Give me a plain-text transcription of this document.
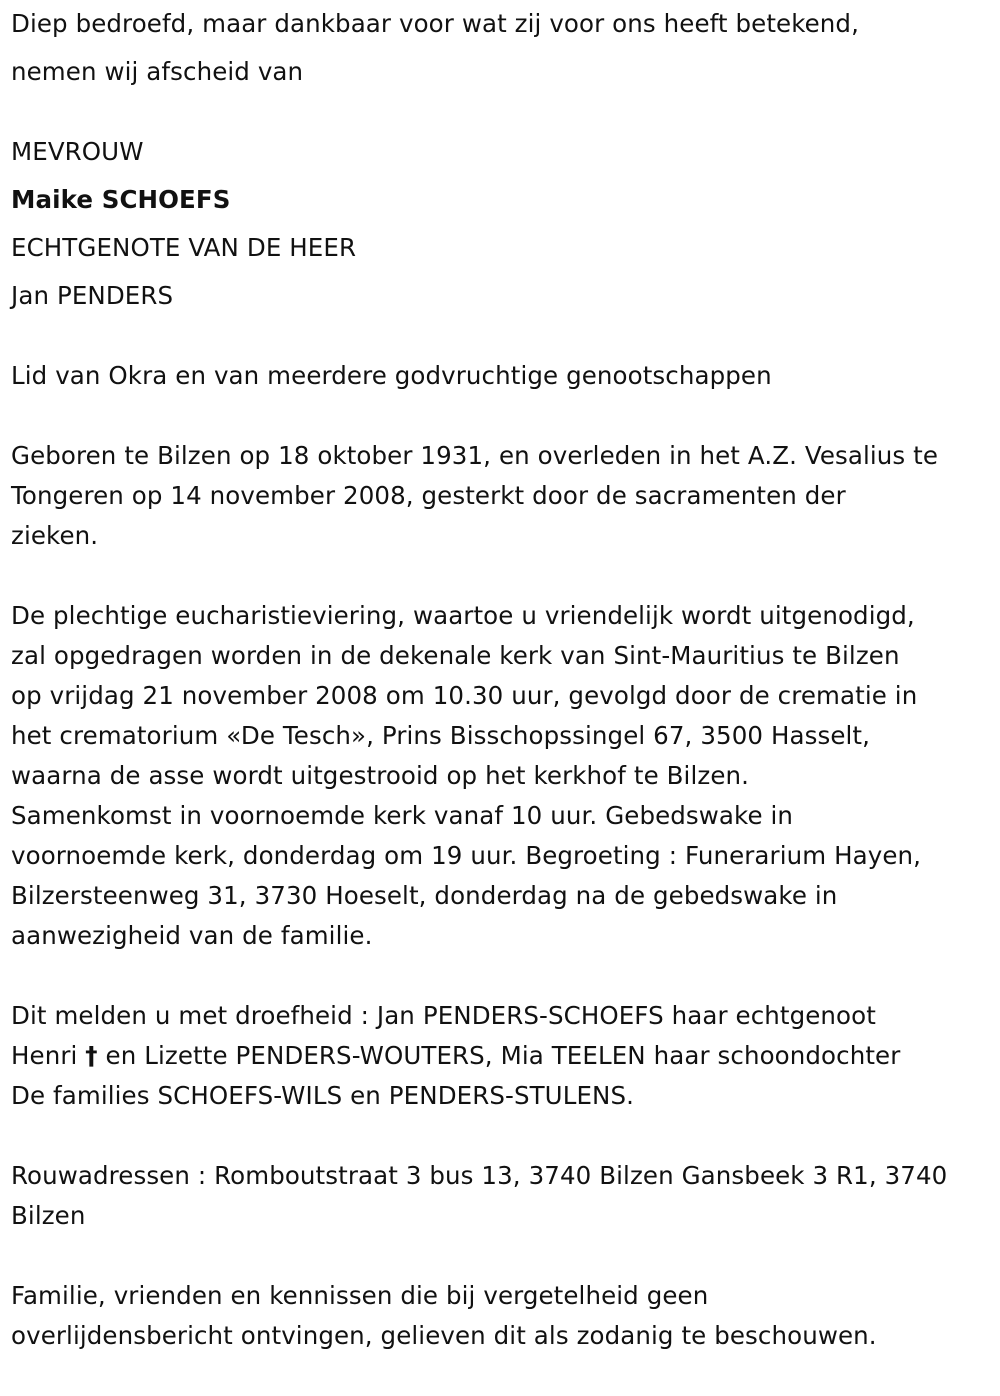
Diep bedroefd, maar dankbaar voor wat zij voor ons heeft betekend,
nemen wij afscheid van
MEVROUW
Maike SCHOEFS
ECHTGENOTE VAN DE HEER
Jan PENDERS
Lid van Okra en van meerdere godvruchtige genootschappen
Geboren te Bilzen op 18 oktober 1931, en overleden in het A.Z. Vesalius te
Tongeren op 14 november 2008, gesterkt door de sacramenten der
zieken.
De plechtige eucharistieviering, waartoe u vriendelijk wordt uitgenodigd,
zal opgedragen worden in de dekenale kerk van Sint-Mauritius te Bilzen
op vrijdag 21 november 2008 om 10.30 uur, gevolgd door de crematie in
het crematorium «De Tesch», Prins Bisschopssingel 67, 3500 Hasselt,
waarna de asse wordt uitgestrooid op het kerkhof te Bilzen.
Samenkomst in voornoemde kerk vanaf 10 uur. Gebedswake in
voornoemde kerk, donderdag om 19 uur. Begroeting : Funerarium Hayen,
Bilzersteenweg 31, 3730 Hoeselt, donderdag na de gebedswake in
aanwezigheid van de familie.
Dit melden u met droefheid : Jan PENDERS-SCHOEFS haar echtgenoot
Henri † en Lizette PENDERS-WOUTERS, Mia TEELEN haar schoondochter
De families SCHOEFS-WILS en PENDERS-STULENS.
Rouwadressen : Romboutstraat 3 bus 13, 3740 Bilzen Gansbeek 3 R1, 3740
Bilzen
Familie, vrienden en kennissen die bij vergetelheid geen
overlijdensbericht ontvingen, gelieven dit als zodanig te beschouwen.
